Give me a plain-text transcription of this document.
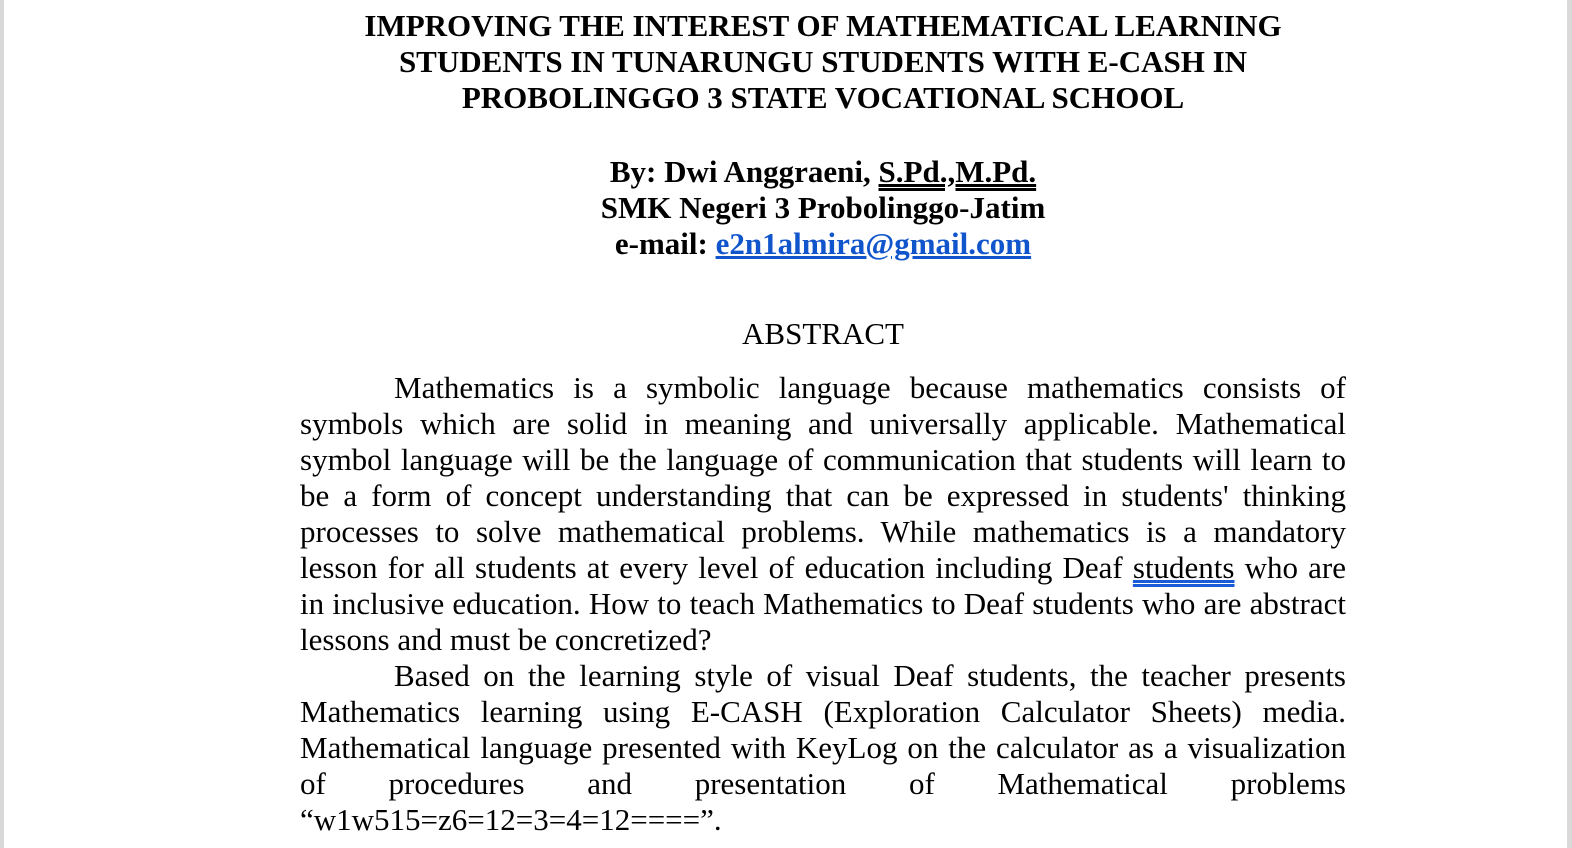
IMPROVING THE INTEREST OF MATHEMATICAL LEARNING
STUDENTS IN TUNARUNGU STUDENTS WITH E-CASH IN
PROBOLINGGO 3 STATE VOCATIONAL SCHOOL
By: Dwi Anggraeni, S.Pd.,M.Pd.
SMK Negeri 3 Probolinggo-Jatim
e-mail: e2n1almira@gmail.com
ABSTRACT

Mathematics is a symbolic language because mathematics consists of symbols which are solid in meaning and universally applicable. Mathematical symbol language will be the language of communication that students will learn to be a form of concept understanding that can be expressed in students' thinking processes to solve mathematical problems. While mathematics is a mandatory lesson for all students at every level of education including Deaf students who are in inclusive education. How to teach Mathematics to Deaf students who are abstract lessons and must be concretized?

Based on the learning style of visual Deaf students, the teacher presents Mathematics learning using E-CASH (Exploration Calculator Sheets) media. Mathematical language presented with KeyLog on the calculator as a visualization of procedures and presentation of Mathematical problems

“w1w515=z6=12=3=4=12====”.
